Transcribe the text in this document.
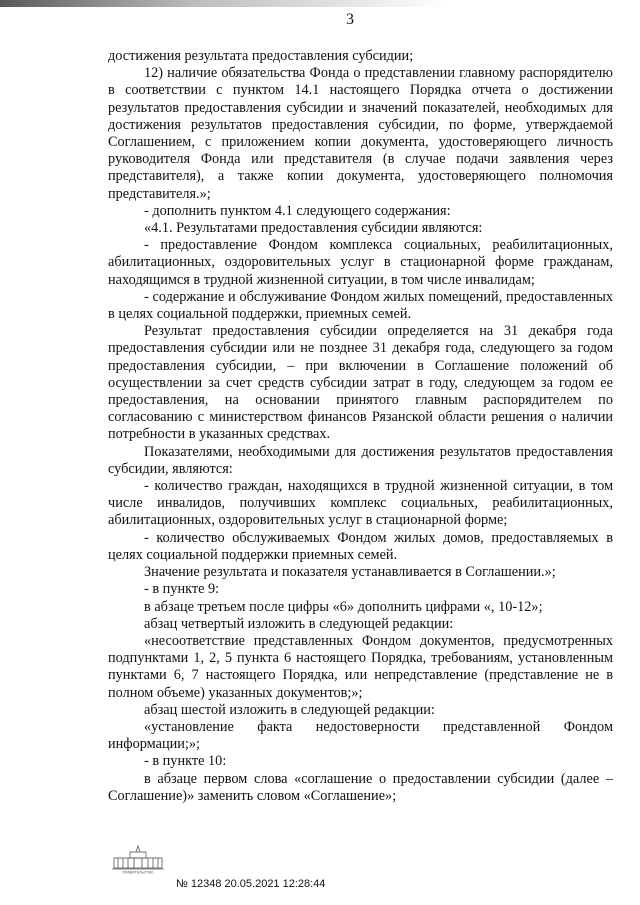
3

достижения результата предоставления субсидии;

12) наличие обязательства Фонда о представлении главному распорядителю в соответствии с пунктом 14.1 настоящего Порядка отчета о достижении результатов предоставления субсидии и значений показателей, необходимых для достижения результатов предоставления субсидии, по форме, утверждаемой Соглашением, с приложением копии документа, удостоверяющего личность руководителя Фонда или представителя (в случае подачи заявления через представителя), а также копии документа, удостоверяющего полномочия представителя.»;

- дополнить пунктом 4.1 следующего содержания:

«4.1. Результатами предоставления субсидии являются:

- предоставление Фондом комплекса социальных, реабилитационных, абилитационных, оздоровительных услуг в стационарной форме гражданам, находящимся в трудной жизненной ситуации, в том числе инвалидам;

- содержание и обслуживание Фондом жилых помещений, предоставленных в целях социальной поддержки, приемных семей.

Результат предоставления субсидии определяется на 31 декабря года предоставления субсидии или не позднее 31 декабря года, следующего за годом предоставления субсидии, – при включении в Соглашение положений об осуществлении за счет средств субсидии затрат в году, следующем за годом ее предоставления, на основании принятого главным распорядителем по согласованию с министерством финансов Рязанской области решения о наличии потребности в указанных средствах.

Показателями, необходимыми для достижения результатов предоставления субсидии, являются:

- количество граждан, находящихся в трудной жизненной ситуации, в том числе инвалидов, получивших комплекс социальных, реабилитационных, абилитационных, оздоровительных услуг в стационарной форме;

- количество обслуживаемых Фондом жилых домов, предоставляемых в целях социальной поддержки приемных семей.

Значение результата и показателя устанавливается в Соглашении.»;

- в пункте 9:

в абзаце третьем после цифры «6» дополнить цифрами «, 10-12»;

абзац четвертый изложить в следующей редакции:

«несоответствие представленных Фондом документов, предусмотренных подпунктами 1, 2, 5 пункта 6 настоящего Порядка, требованиям, установленным пунктами 6, 7 настоящего Порядка, или непредставление (представление не в полном объеме) указанных документов;»;

абзац шестой изложить в следующей редакции:

«установление факта недостоверности представленной Фондом информации;»;

- в пункте 10:

в абзаце первом слова «соглашение о предоставлении субсидии (далее – Соглашение)» заменить словом «Соглашение»;

ПРАВИТЕЛЬСТВО
№ 12348 20.05.2021 12:28:44
